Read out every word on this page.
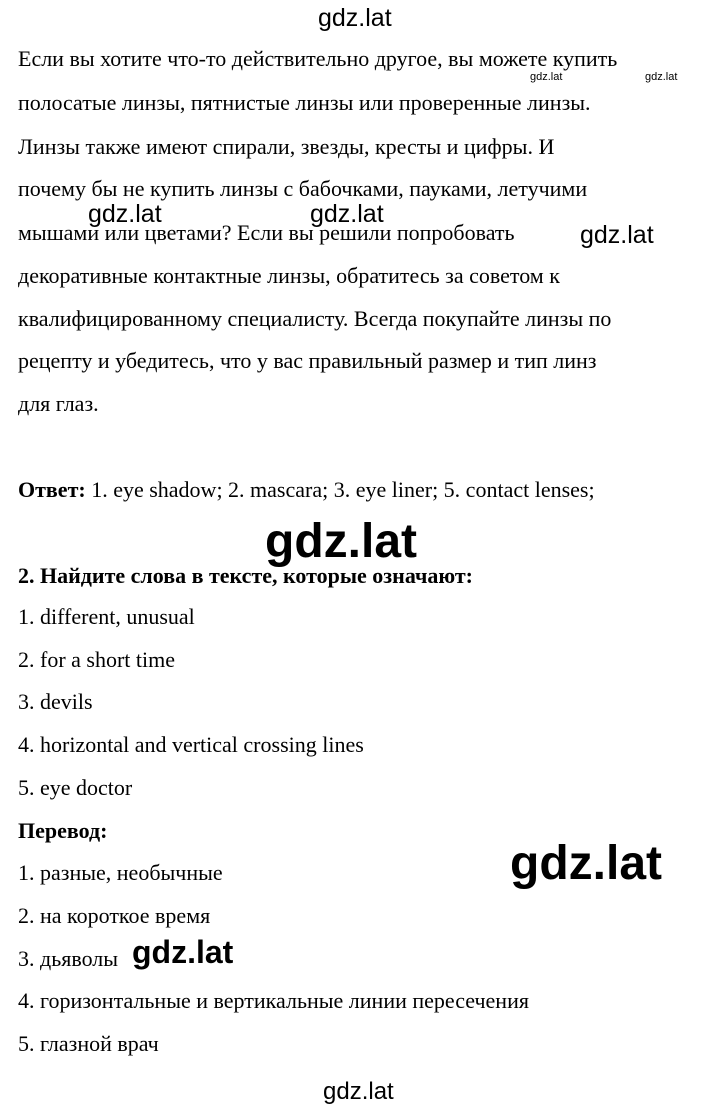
gdz.lat
Если вы хотите что-то действительно другое, вы можете купить
gdz.lat	gdz.lat
полосатые линзы, пятнистые линзы или проверенные линзы.
Линзы также имеют спирали, звезды, кресты и цифры. И
почему бы не купить линзы с бабочками, пауками, летучими
gdz.lat	gdz.lat
мышами или цветами? Если вы решили попробовать	gdz.lat
декоративные контактные линзы, обратитесь за советом к
квалифицированному специалисту. Всегда покупайте линзы по
рецепту и убедитесь, что у вас правильный размер и тип линз
для глаз.
Ответ: 1. eye shadow; 2. mascara; 3. eye liner; 5. contact lenses;
gdz.lat
2. Найдите слова в тексте, которые означают:
1. different, unusual
2. for a short time
3. devils
4. horizontal and vertical crossing lines
5. eye doctor
Перевод:
gdz.lat
1. разные, необычные
2. на короткое время
3. дьяволы gdz.lat
4. горизонтальные и вертикальные линии пересечения
5. глазной врач
gdz.lat
